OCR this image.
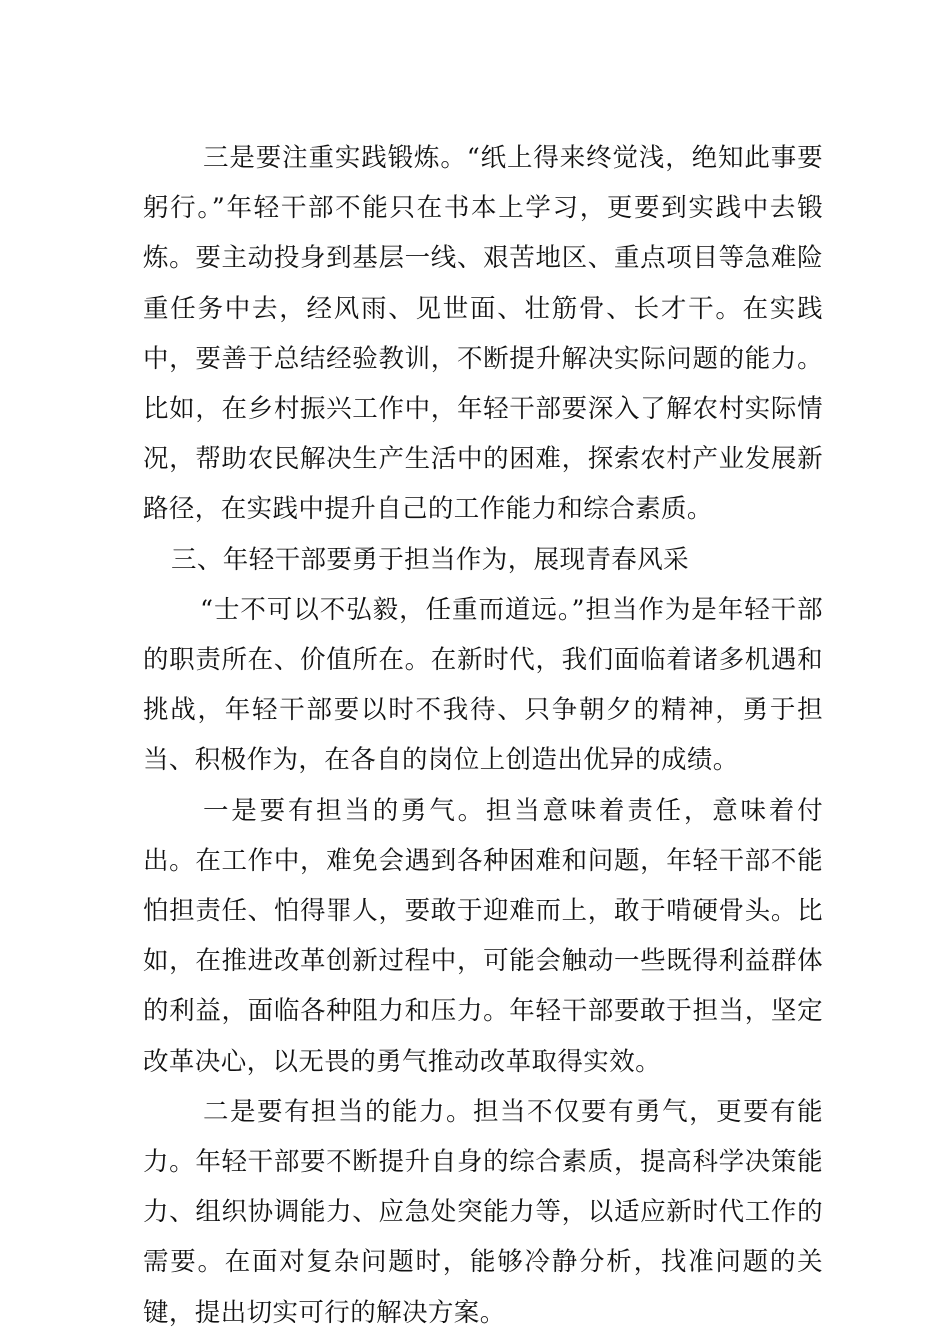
三是要注重实践锻炼。“纸上得来终觉浅，绝知此事要躬行。”年轻干部不能只在书本上学习，更要到实践中去锻炼。要主动投身到基层一线、艰苦地区、重点项目等急难险重任务中去，经风雨、见世面、壮筋骨、长才干。在实践中，要善于总结经验教训，不断提升解决实际问题的能力。比如，在乡村振兴工作中，年轻干部要深入了解农村实际情况，帮助农民解决生产生活中的困难，探索农村产业发展新路径，在实践中提升自己的工作能力和综合素质。

三、年轻干部要勇于担当作为，展现青春风采

“士不可以不弘毅，任重而道远。”担当作为是年轻干部的职责所在、价值所在。在新时代，我们面临着诸多机遇和挑战，年轻干部要以时不我待、只争朝夕的精神，勇于担当、积极作为，在各自的岗位上创造出优异的成绩。

一是要有担当的勇气。担当意味着责任，意味着付出。在工作中，难免会遇到各种困难和问题，年轻干部不能怕担责任、怕得罪人，要敢于迎难而上，敢于啃硬骨头。比如，在推进改革创新过程中，可能会触动一些既得利益群体的利益，面临各种阻力和压力。年轻干部要敢于担当，坚定改革决心，以无畏的勇气推动改革取得实效。

二是要有担当的能力。担当不仅要有勇气，更要有能力。年轻干部要不断提升自身的综合素质，提高科学决策能力、组织协调能力、应急处突能力等，以适应新时代工作的需要。在面对复杂问题时，能够冷静分析，找准问题的关键，提出切实可行的解决方案。
